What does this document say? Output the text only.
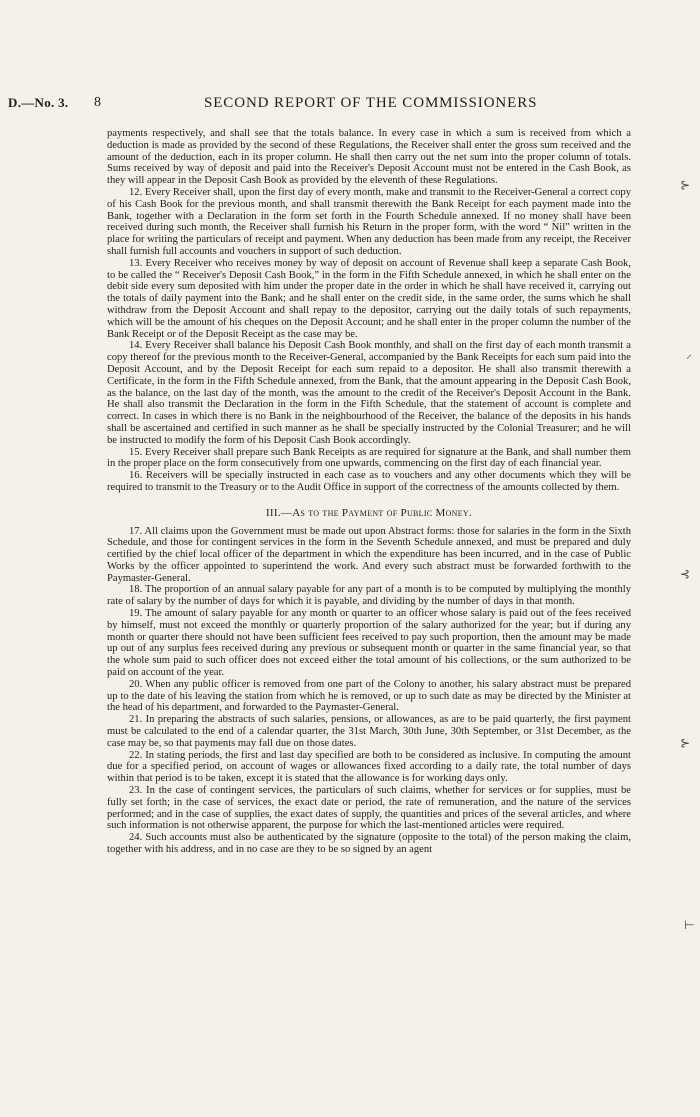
D.—No. 3. 8	SECOND REPORT OF THE COMMISSIONERS

payments respectively, and shall see that the totals balance. In every case in which a sum is received from which a deduction is made as provided by the second of these Regulations, the Receiver shall enter the gross sum received and the amount of the deduction, each in its proper column. He shall then carry out the net sum into the proper column of totals. Sums received by way of deposit and paid into the Receiver's Deposit Account must not be entered in the Cash Book, as they will appear in the Deposit Cash Book as provided by the eleventh of these Regulations.

12. Every Receiver shall, upon the first day of every month, make and transmit to the Receiver-General a correct copy of his Cash Book for the previous month, and shall transmit therewith the Bank Receipt for each payment made into the Bank, together with a Declaration in the form set forth in the Fourth Schedule annexed. If no money shall have been received during such month, the Receiver shall furnish his Return in the proper form, with the word “ Nil” written in the place for writing the particulars of receipt and payment. When any deduction has been made from any receipt, the Receiver shall furnish full accounts and vouchers in support of such deduction.

13. Every Receiver who receives money by way of deposit on account of Revenue shall keep a separate Cash Book, to be called the “ Receiver's Deposit Cash Book,” in the form in the Fifth Schedule annexed, in which he shall enter on the debit side every sum deposited with him under the proper date in the order in which he shall have received it, carrying out the totals of daily payment into the Bank; and he shall enter on the credit side, in the same order, the sums which he shall withdraw from the Deposit Account and shall repay to the depositor, carrying out the daily totals of such repayments, which will be the amount of his cheques on the Deposit Account; and he shall enter in the proper column the number of the Bank Receipt or of the Deposit Receipt as the case may be.

14. Every Receiver shall balance his Deposit Cash Book monthly, and shall on the first day of each month transmit a copy thereof for the previous month to the Receiver-General, accompanied by the Bank Receipts for each sum paid into the Deposit Account, and by the Deposit Receipt for each sum repaid to a depositor. He shall also transmit therewith a Certificate, in the form in the Fifth Schedule annexed, from the Bank, that the amount appearing in the Deposit Cash Book, as the balance, on the last day of the month, was the amount to the credit of the Receiver's Deposit Account in the Bank. He shall also transmit the Declaration in the form in the Fifth Schedule, that the statement of account is complete and correct. In cases in which there is no Bank in the neighbourhood of the Receiver, the balance of the deposits in his hands shall be ascertained and certified in such manner as he shall be specially instructed by the Colonial Treasurer; and he will be instructed to modify the form of his Deposit Cash Book accordingly.

15. Every Receiver shall prepare such Bank Receipts as are required for signature at the Bank, and shall number them in the proper place on the form consecutively from one upwards, commencing on the first day of each financial year.

16. Receivers will be specially instructed in each case as to vouchers and any other documents which they will be required to transmit to the Treasury or to the Audit Office in support of the correctness of the amounts collected by them.

III.—As to the Payment of Public Money.

17. All claims upon the Government must be made out upon Abstract forms: those for salaries in the form in the Sixth Schedule, and those for contingent services in the form in the Seventh Schedule annexed, and must be prepared and duly certified by the chief local officer of the department in which the expenditure has been incurred, and in the case of Public Works by the officer appointed to superintend the work. And every such abstract must be forwarded forthwith to the Paymaster-General.

18. The proportion of an annual salary payable for any part of a month is to be computed by multiplying the monthly rate of salary by the number of days for which it is payable, and dividing by the number of days in that month.

19. The amount of salary payable for any month or quarter to an officer whose salary is paid out of the fees received by himself, must not exceed the monthly or quarterly proportion of the salary authorized for the year; but if during any month or quarter there should not have been sufficient fees received to pay such proportion, then the amount may be made up out of any surplus fees received during any previous or subsequent month or quarter in the same financial year, so that the whole sum paid to such officer does not exceed either the total amount of his collections, or the sum authorized to be paid on account of the year.

20. When any public officer is removed from one part of the Colony to another, his salary abstract must be prepared up to the date of his leaving the station from which he is removed, or up to such date as may be directed by the Minister at the head of his department, and forwarded to the Paymaster-General.

21. In preparing the abstracts of such salaries, pensions, or allowances, as are to be paid quarterly, the first payment must be calculated to the end of a calendar quarter, the 31st March, 30th June, 30th September, or 31st December, as the case may be, so that payments may fall due on those dates.

22. In stating periods, the first and last day specified are both to be considered as inclusive. In computing the amount due for a specified period, on account of wages or allowances fixed according to a daily rate, the total number of days within that period is to be taken, except it is stated that the allowance is for working days only.

23. In the case of contingent services, the particulars of such claims, whether for services or for supplies, must be fully set forth; in the case of services, the exact date or period, the rate of remuneration, and the nature of the services performed; and in the case of supplies, the exact dates of supply, the quantities and prices of the several articles, and where such information is not otherwise apparent, the purpose for which the last-mentioned articles were required.

24. Such accounts must also be authenticated by the signature (opposite to the total) of the person making the claim, together with his address, and in no case are they to be so signed by an agent

⊱
⸝
⊰
⊱
⊢
